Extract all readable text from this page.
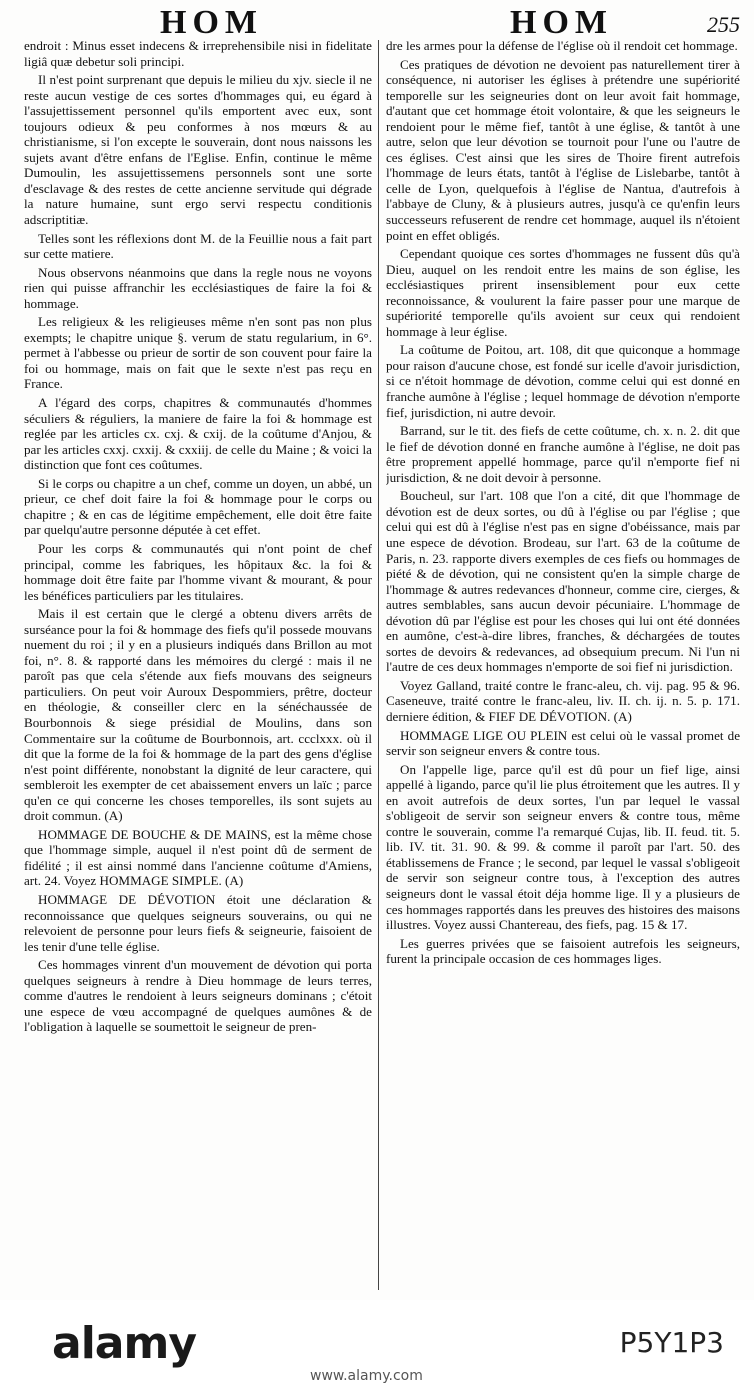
HOM	HOM	255

endroit : Minus esset indecens & irreprehensibile nisi in fidelitate ligiâ quæ debetur soli principi.

Il n'est point surprenant que depuis le milieu du xjv. siecle il ne reste aucun vestige de ces sortes d'hommages qui, eu égard à l'assujettissement personnel qu'ils emportent avec eux, sont toujours odieux & peu conformes à nos mœurs & au christianisme, si l'on excepte le souverain, dont nous naissons les sujets avant d'être enfans de l'Eglise. Enfin, continue le même Dumoulin, les assujettissemens personnels sont une sorte d'esclavage & des restes de cette ancienne servitude qui dégrade la nature humaine, sunt ergo servi respectu conditionis adscriptitiæ.

Telles sont les réflexions dont M. de la Feuillie nous a fait part sur cette matiere.

Nous observons néanmoins que dans la regle nous ne voyons rien qui puisse affranchir les ecclésiastiques de faire la foi & hommage.

Les religieux & les religieuses même n'en sont pas non plus exempts; le chapitre unique §. verum de statu regularium, in 6°. permet à l'abbesse ou prieur de sortir de son couvent pour faire la foi ou hommage, mais on fait que le sexte n'est pas reçu en France.

A l'égard des corps, chapitres & communautés d'hommes séculiers & réguliers, la maniere de faire la foi & hommage est reglée par les articles cx. cxj. & cxij. de la coûtume d'Anjou, & par les articles cxxj. cxxij. & cxxiij. de celle du Maine ; & voici la distinction que font ces coûtumes.

Si le corps ou chapitre a un chef, comme un doyen, un abbé, un prieur, ce chef doit faire la foi & hommage pour le corps ou chapitre ; & en cas de légitime empêchement, elle doit être faite par quelqu'autre personne députée à cet effet.

Pour les corps & communautés qui n'ont point de chef principal, comme les fabriques, les hôpitaux &c. la foi & hommage doit être faite par l'homme vivant & mourant, & pour les bénéfices particuliers par les titulaires.

Mais il est certain que le clergé a obtenu divers arrêts de surséance pour la foi & hommage des fiefs qu'il possede mouvans nuement du roi ; il y en a plusieurs indiqués dans Brillon au mot foi, n°. 8. & rapporté dans les mémoires du clergé : mais il ne paroît pas que cela s'étende aux fiefs mouvans des seigneurs particuliers. On peut voir Auroux Despommiers, prêtre, docteur en théologie, & conseiller clerc en la sénéchaussée de Bourbonnois & siege présidial de Moulins, dans son Commentaire sur la coûtume de Bourbonnois, art. ccclxxx. où il dit que la forme de la foi & hommage de la part des gens d'église n'est point différente, nonobstant la dignité de leur caractere, qui sembleroit les exempter de cet abaissement envers un laïc ; parce qu'en ce qui concerne les choses temporelles, ils sont sujets au droit commun. (A)

HOMMAGE DE BOUCHE & DE MAINS, est la même chose que l'hommage simple, auquel il n'est point dû de serment de fidélité ; il est ainsi nommé dans l'ancienne coûtume d'Amiens, art. 24. Voyez HOMMAGE SIMPLE. (A)

HOMMAGE DE DÉVOTION étoit une déclaration & reconnoissance que quelques seigneurs souverains, ou qui ne relevoient de personne pour leurs fiefs & seigneurie, faisoient de les tenir d'une telle église.

Ces hommages vinrent d'un mouvement de dévotion qui porta quelques seigneurs à rendre à Dieu hommage de leurs terres, comme d'autres le rendoient à leurs seigneurs dominans ; c'étoit une espece de vœu accompagné de quelques aumônes & de l'obligation à laquelle se soumettoit le seigneur de pren-

dre les armes pour la défense de l'église où il rendoit cet hommage.

Ces pratiques de dévotion ne devoient pas naturellement tirer à conséquence, ni autoriser les églises à prétendre une supériorité temporelle sur les seigneuries dont on leur avoit fait hommage, d'autant que cet hommage étoit volontaire, & que les seigneurs le rendoient pour le même fief, tantôt à une église, & tantôt à une autre, selon que leur dévotion se tournoit pour l'une ou l'autre de ces églises. C'est ainsi que les sires de Thoire firent autrefois l'hommage de leurs états, tantôt à l'église de Lislebarbe, tantôt à celle de Lyon, quelquefois à l'église de Nantua, d'autrefois à l'abbaye de Cluny, & à plusieurs autres, jusqu'à ce qu'enfin leurs successeurs refuserent de rendre cet hommage, auquel ils n'étoient point en effet obligés.

Cependant quoique ces sortes d'hommages ne fussent dûs qu'à Dieu, auquel on les rendoit entre les mains de son église, les ecclésiastiques prirent insensiblement pour eux cette reconnoissance, & voulurent la faire passer pour une marque de supériorité temporelle qu'ils avoient sur ceux qui rendoient hommage à leur église.

La coûtume de Poitou, art. 108, dit que quiconque a hommage pour raison d'aucune chose, est fondé sur icelle d'avoir jurisdiction, si ce n'étoit hommage de dévotion, comme celui qui est donné en franche aumône à l'église ; lequel hommage de dévotion n'emporte fief, jurisdiction, ni autre devoir.

Barrand, sur le tit. des fiefs de cette coûtume, ch. x. n. 2. dit que le fief de dévotion donné en franche aumône à l'église, ne doit pas être proprement appellé hommage, parce qu'il n'emporte fief ni jurisdiction, & ne doit devoir à personne.

Boucheul, sur l'art. 108 que l'on a cité, dit que l'hommage de dévotion est de deux sortes, ou dû à l'église ou par l'église ; que celui qui est dû à l'église n'est pas en signe d'obéissance, mais par une espece de dévotion. Brodeau, sur l'art. 63 de la coûtume de Paris, n. 23. rapporte divers exemples de ces fiefs ou hommages de piété & de dévotion, qui ne consistent qu'en la simple charge de l'hommage & autres redevances d'honneur, comme cire, cierges, & autres semblables, sans aucun devoir pécuniaire. L'hommage de dévotion dû par l'église est pour les choses qui lui ont été données en aumône, c'est-à-dire libres, franches, & déchargées de toutes sortes de devoirs & redevances, ad obsequium precum. Ni l'un ni l'autre de ces deux hommages n'emporte de soi fief ni jurisdiction.

Voyez Galland, traité contre le franc-aleu, ch. vij. pag. 95 & 96. Caseneuve, traité contre le franc-aleu, liv. II. ch. ij. n. 5. p. 171. derniere édition, & FIEF DE DÉVOTION. (A)

HOMMAGE LIGE OU PLEIN est celui où le vassal promet de servir son seigneur envers & contre tous.

On l'appelle lige, parce qu'il est dû pour un fief lige, ainsi appellé à ligando, parce qu'il lie plus étroitement que les autres. Il y en avoit autrefois de deux sortes, l'un par lequel le vassal s'obligeoit de servir son seigneur envers & contre tous, même contre le souverain, comme l'a remarqué Cujas, lib. II. feud. tit. 5. lib. IV. tit. 31. 90. & 99. & comme il paroît par l'art. 50. des établissemens de France ; le second, par lequel le vassal s'obligeoit de servir son seigneur contre tous, à l'exception des autres seigneurs dont le vassal étoit déja homme lige. Il y a plusieurs de ces hommages rapportés dans les preuves des histoires des maisons illustres. Voyez aussi Chantereau, des fiefs, pag. 15 & 17.

Les guerres privées que se faisoient autrefois les seigneurs, furent la principale occasion de ces hommages liges.

alamy	P5Y1P3
www.alamy.com
